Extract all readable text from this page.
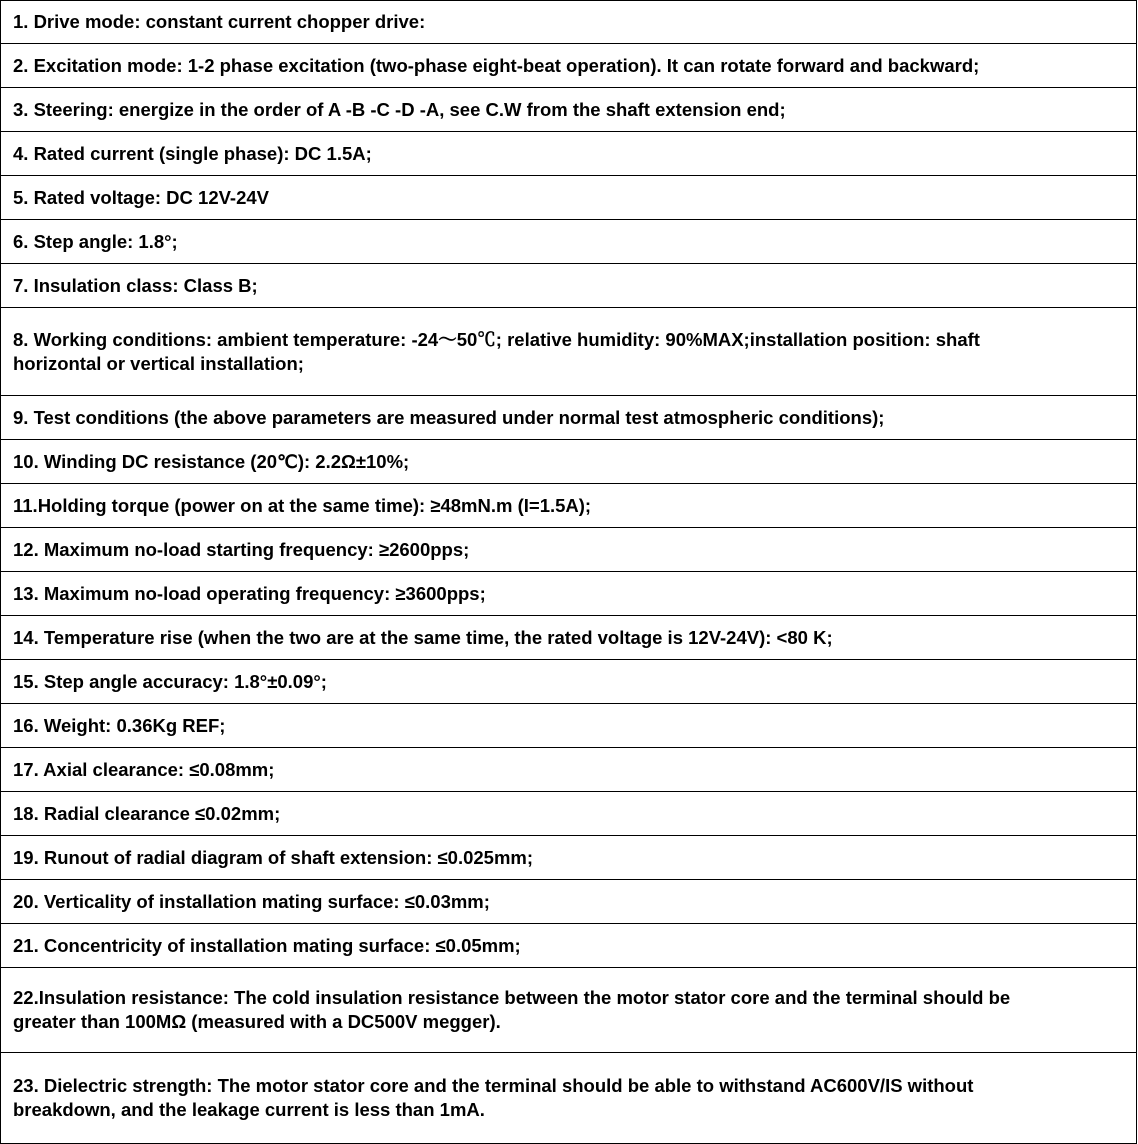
1. Drive mode: constant current chopper drive:
2. Excitation mode: 1-2 phase excitation (two-phase eight-beat operation). It can rotate forward and backward;
3. Steering: energize in the order of A -B -C -D -A, see C.W from the shaft extension end;
4. Rated current (single phase): DC 1.5A;
5. Rated voltage: DC 12V-24V
6. Step angle: 1.8°;
7. Insulation class: Class B;
8. Working conditions: ambient temperature: -24～50℃; relative humidity: 90%MAX;installation position: shaft
horizontal or vertical installation;
9. Test conditions (the above parameters are measured under normal test atmospheric conditions);
10. Winding DC resistance (20℃): 2.2Ω±10%;
11.Holding torque (power on at the same time): ≥48mN.m (I=1.5A);
12. Maximum no-load starting frequency: ≥2600pps;
13. Maximum no-load operating frequency: ≥3600pps;
14. Temperature rise (when the two are at the same time, the rated voltage is 12V-24V): <80 K;
15. Step angle accuracy: 1.8°±0.09°;
16. Weight: 0.36Kg REF;
17. Axial clearance: ≤0.08mm;
18. Radial clearance ≤0.02mm;
19. Runout of radial diagram of shaft extension: ≤0.025mm;
20. Verticality of installation mating surface: ≤0.03mm;
21. Concentricity of installation mating surface: ≤0.05mm;
22.Insulation resistance: The cold insulation resistance between the motor stator core and the terminal should be
greater than 100MΩ (measured with a DC500V megger).
23. Dielectric strength: The motor stator core and the terminal should be able to withstand AC600V/IS without
breakdown, and the leakage current is less than 1mA.
